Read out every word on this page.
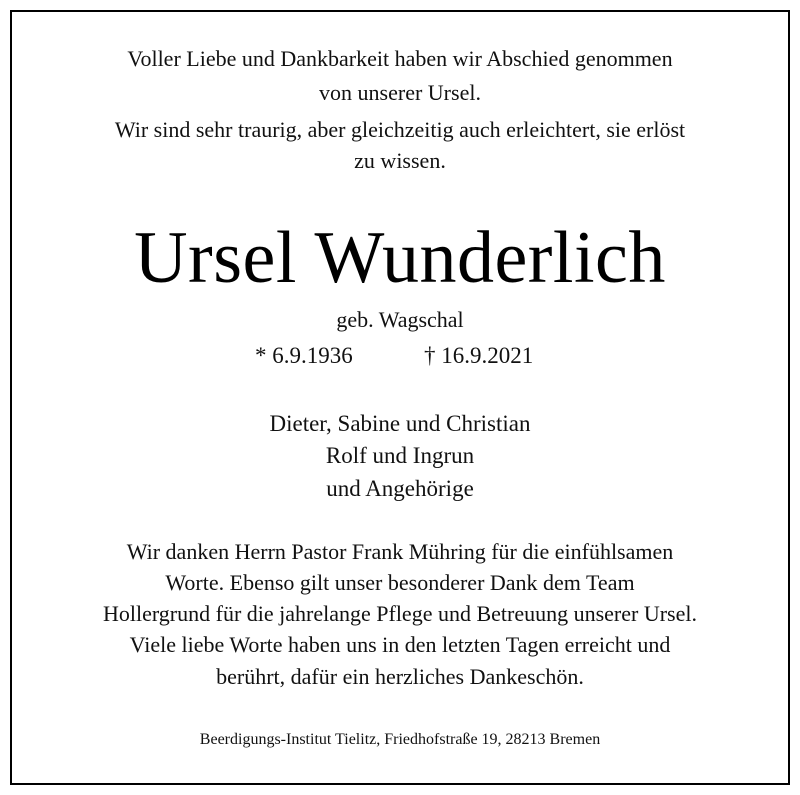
Voller Liebe und Dankbarkeit haben wir Abschied genommen
von unserer Ursel.
Wir sind sehr traurig, aber gleichzeitig auch erleichtert, sie erlöst
zu wissen.
Ursel Wunderlich
geb. Wagschal
* 6.9.1936	† 16.9.2021
Dieter, Sabine und Christian
Rolf und Ingrun
und Angehörige
Wir danken Herrn Pastor Frank Mühring für die einfühlsamen
Worte. Ebenso gilt unser besonderer Dank dem Team
Hollergrund für die jahrelange Pflege und Betreuung unserer Ursel.
Viele liebe Worte haben uns in den letzten Tagen erreicht und
berührt, dafür ein herzliches Dankeschön.
Beerdigungs-Institut Tielitz, Friedhofstraße 19, 28213 Bremen
